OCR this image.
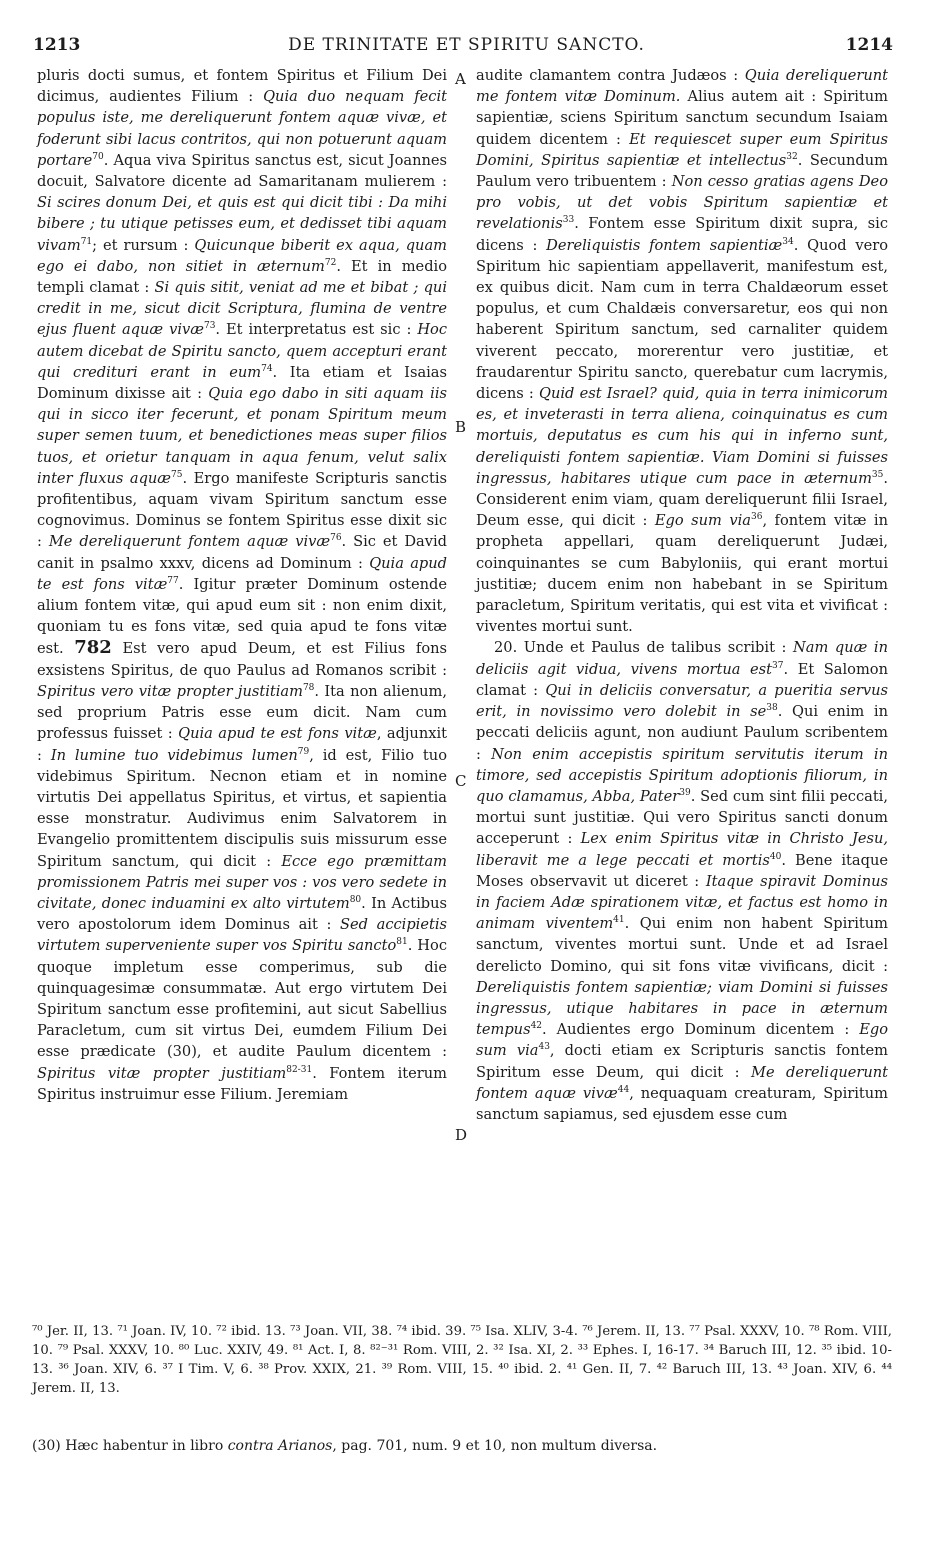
1213	DE TRINITATE ET SPIRITU SANCTO.	1214
A
B
C
D

pluris docti sumus, et fontem Spiritus et Filium Dei dicimus, audientes Filium : Quia duo nequam fecit populus iste, me dereliquerunt fontem aquæ vivæ, et foderunt sibi lacus contritos, qui non potuerunt aquam portare$^{70}$. Aqua viva Spiritus sanctus est, sicut Joannes docuit, Salvatore dicente ad Samaritanam mulierem : Si scires donum Dei, et quis est qui dicit tibi : Da mihi bibere ; tu utique petisses eum, et dedisset tibi aquam vivam$^{71}$; et rursum : Quicunque biberit ex aqua, quam ego ei dabo, non sitiet in æternum$^{72}$. Et in medio templi clamat : Si quis sitit, veniat ad me et bibat ; qui credit in me, sicut dicit Scriptura, flumina de ventre ejus fluent aquæ vivæ$^{73}$. Et interpretatus est sic : Hoc autem dicebat de Spiritu sancto, quem accepturi erant qui credituri erant in eum$^{74}$. Ita etiam et Isaias Dominum dixisse ait : Quia ego dabo in siti aquam iis qui in sicco iter fecerunt, et ponam Spiritum meum super semen tuum, et benedictiones meas super filios tuos, et orietur tanquam in aqua fenum, velut salix inter fluxus aquæ$^{75}$. Ergo manifeste Scripturis sanctis profitentibus, aquam vivam Spiritum sanctum esse cognovimus. Dominus se fontem Spiritus esse dixit sic : Me dereliquerunt fontem aquæ vivæ$^{76}$. Sic et David canit in psalmo xxxv, dicens ad Dominum : Quia apud te est fons vitæ$^{77}$. Igitur præter Dominum ostende alium fontem vitæ, qui apud eum sit : non enim dixit, quoniam tu es fons vitæ, sed quia apud te fons vitæ est. 782 Est vero apud Deum, et est Filius fons exsistens Spiritus, de quo Paulus ad Romanos scribit : Spiritus vero vitæ propter justitiam$^{78}$. Ita non alienum, sed proprium Patris esse eum dicit. Nam cum professus fuisset : Quia apud te est fons vitæ, adjunxit : In lumine tuo videbimus lumen$^{79}$, id est, Filio tuo videbimus Spiritum. Necnon etiam et in nomine virtutis Dei appellatus Spiritus, et virtus, et sapientia esse monstratur. Audivimus enim Salvatorem in Evangelio promittentem discipulis suis missurum esse Spiritum sanctum, qui dicit : Ecce ego præmittam promissionem Patris mei super vos : vos vero sedete in civitate, donec induamini ex alto virtutem$^{80}$. In Actibus vero apostolorum idem Dominus ait : Sed accipietis virtutem superveniente super vos Spiritu sancto$^{81}$. Hoc quoque impletum esse comperimus, sub die quinquagesimæ consummatæ. Aut ergo virtutem Dei Spiritum sanctum esse profitemini, aut sicut Sabellius Paracletum, cum sit virtus Dei, eumdem Filium Dei esse prædicate (30), et audite Paulum dicentem : Spiritus vitæ propter justitiam$^{82-31}$. Fontem iterum Spiritus instruimur esse Filium. Jeremiam

audite clamantem contra Judæos : Quia dereliquerunt me fontem vitæ Dominum. Alius autem ait : Spiritum sapientiæ, sciens Spiritum sanctum secundum Isaiam quidem dicentem : Et requiescet super eum Spiritus Domini, Spiritus sapientiæ et intellectus$^{32}$. Secundum Paulum vero tribuentem : Non cesso gratias agens Deo pro vobis, ut det vobis Spiritum sapientiæ et revelationis$^{33}$. Fontem esse Spiritum dixit supra, sic dicens : Dereliquistis fontem sapientiæ$^{34}$. Quod vero Spiritum hic sapientiam appellaverit, manifestum est, ex quibus dicit. Nam cum in terra Chaldæorum esset populus, et cum Chaldæis conversaretur, eos qui non haberent Spiritum sanctum, sed carnaliter quidem viverent peccato, morerentur vero justitiæ, et fraudarentur Spiritu sancto, querebatur cum lacrymis, dicens : Quid est Israel? quid, quia in terra inimicorum es, et inveterasti in terra aliena, coinquinatus es cum mortuis, deputatus es cum his qui in inferno sunt, dereliquisti fontem sapientiæ. Viam Domini si fuisses ingressus, habitares utique cum pace in æternum$^{35}$. Considerent enim viam, quam dereliquerunt filii Israel, Deum esse, qui dicit : Ego sum via$^{36}$, fontem vitæ in propheta appellari, quam dereliquerunt Judæi, coinquinantes se cum Babyloniis, qui erant mortui justitiæ; ducem enim non habebant in se Spiritum paracletum, Spiritum veritatis, qui est vita et vivificat : viventes mortui sunt.

20. Unde et Paulus de talibus scribit : Nam quæ in deliciis agit vidua, vivens mortua est$^{37}$. Et Salomon clamat : Qui in deliciis conversatur, a pueritia servus erit, in novissimo vero dolebit in se$^{38}$. Qui enim in peccati deliciis agunt, non audiunt Paulum scribentem : Non enim accepistis spiritum servitutis iterum in timore, sed accepistis Spiritum adoptionis filiorum, in quo clamamus, Abba, Pater$^{39}$. Sed cum sint filii peccati, mortui sunt justitiæ. Qui vero Spiritus sancti donum acceperunt : Lex enim Spiritus vitæ in Christo Jesu, liberavit me a lege peccati et mortis$^{40}$. Bene itaque Moses observavit ut diceret : Itaque spiravit Dominus in faciem Adæ spirationem vitæ, et factus est homo in animam viventem$^{41}$. Qui enim non habent Spiritum sanctum, viventes mortui sunt. Unde et ad Israel derelicto Domino, qui sit fons vitæ vivificans, dicit : Dereliquistis fontem sapientiæ; viam Domini si fuisses ingressus, utique habitares in pace in æternum tempus$^{42}$. Audientes ergo Dominum dicentem : Ego sum via$^{43}$, docti etiam ex Scripturis sanctis fontem Spiritum esse Deum, qui dicit : Me dereliquerunt fontem aquæ vivæ$^{44}$, nequaquam creaturam, Spiritum sanctum sapiamus, sed ejusdem esse cum

⁷⁰ Jer. II, 13. ⁷¹ Joan. IV, 10. ⁷² ibid. 13. ⁷³ Joan. VII, 38. ⁷⁴ ibid. 39. ⁷⁵ Isa. XLIV, 3-4. ⁷⁶ Jerem. II, 13. ⁷⁷ Psal. XXXV, 10. ⁷⁸ Rom. VIII, 10. ⁷⁹ Psal. XXXV, 10. ⁸⁰ Luc. XXIV, 49. ⁸¹ Act. I, 8. ⁸²⁻³¹ Rom. VIII, 2. ³² Isa. XI, 2. ³³ Ephes. I, 16-17. ³⁴ Baruch III, 12. ³⁵ ibid. 10-13. ³⁶ Joan. XIV, 6. ³⁷ I Tim. V, 6. ³⁸ Prov. XXIX, 21. ³⁹ Rom. VIII, 15. ⁴⁰ ibid. 2. ⁴¹ Gen. II, 7. ⁴² Baruch III, 13. ⁴³ Joan. XIV, 6. ⁴⁴ Jerem. II, 13.
(30) Hæc habentur in libro contra Arianos, pag. 701, num. 9 et 10, non multum diversa.
